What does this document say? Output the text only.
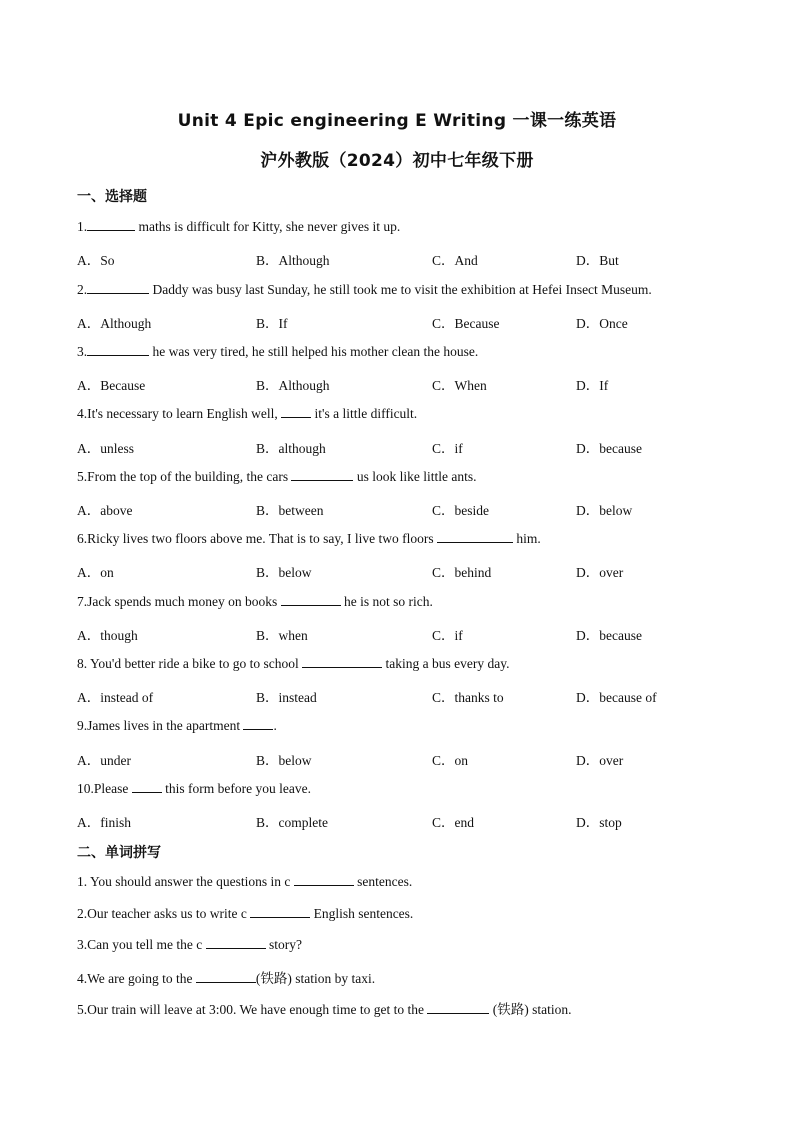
Unit 4 Epic engineering E Writing 一课一练英语
沪外教版（2024）初中七年级下册
一、选择题
1.	maths is difficult for Kitty, she never gives it up.
A．So	B．Although	C．And	D．But
2.	Daddy was busy last Sunday, he still took me to visit the exhibition at Hefei Insect Museum.
A．Although	B．If	C．Because	D．Once
3.	he was very tired, he still helped his mother clean the house.
A．Because	B．Although	C．When	D．If
4.It's necessary to learn English well,  it's a little difficult.
A．unless	B．although	C．if	D．because
5.From the top of the building, the cars	us look like little ants.
A．above	B．between	C．beside	D．below
6.Ricky lives two floors above me. That is to say, I live two floors	him.
A．on	B．below	C．behind	D．over
7.Jack spends much money on books	he is not so rich.
A．though	B．when	C．if	D．because
8. You'd better ride a bike to go to school	taking a bus every day.
A．instead of	B．instead	C．thanks to	D．because of
9.James lives in the apartment .
A．under	B．below	C．on	D．over
10.Please  this form before you leave.
A．finish	B．complete	C．end	D．stop
二、单词拼写
1. You should answer the questions in c	sentences.
2.Our teacher asks us to write c	English sentences.
3.Can you tell me the c	story?
4.We are going to the	(铁路) station by taxi.
5.Our train will leave at 3:00. We have enough time to get to the	(铁路) station.
